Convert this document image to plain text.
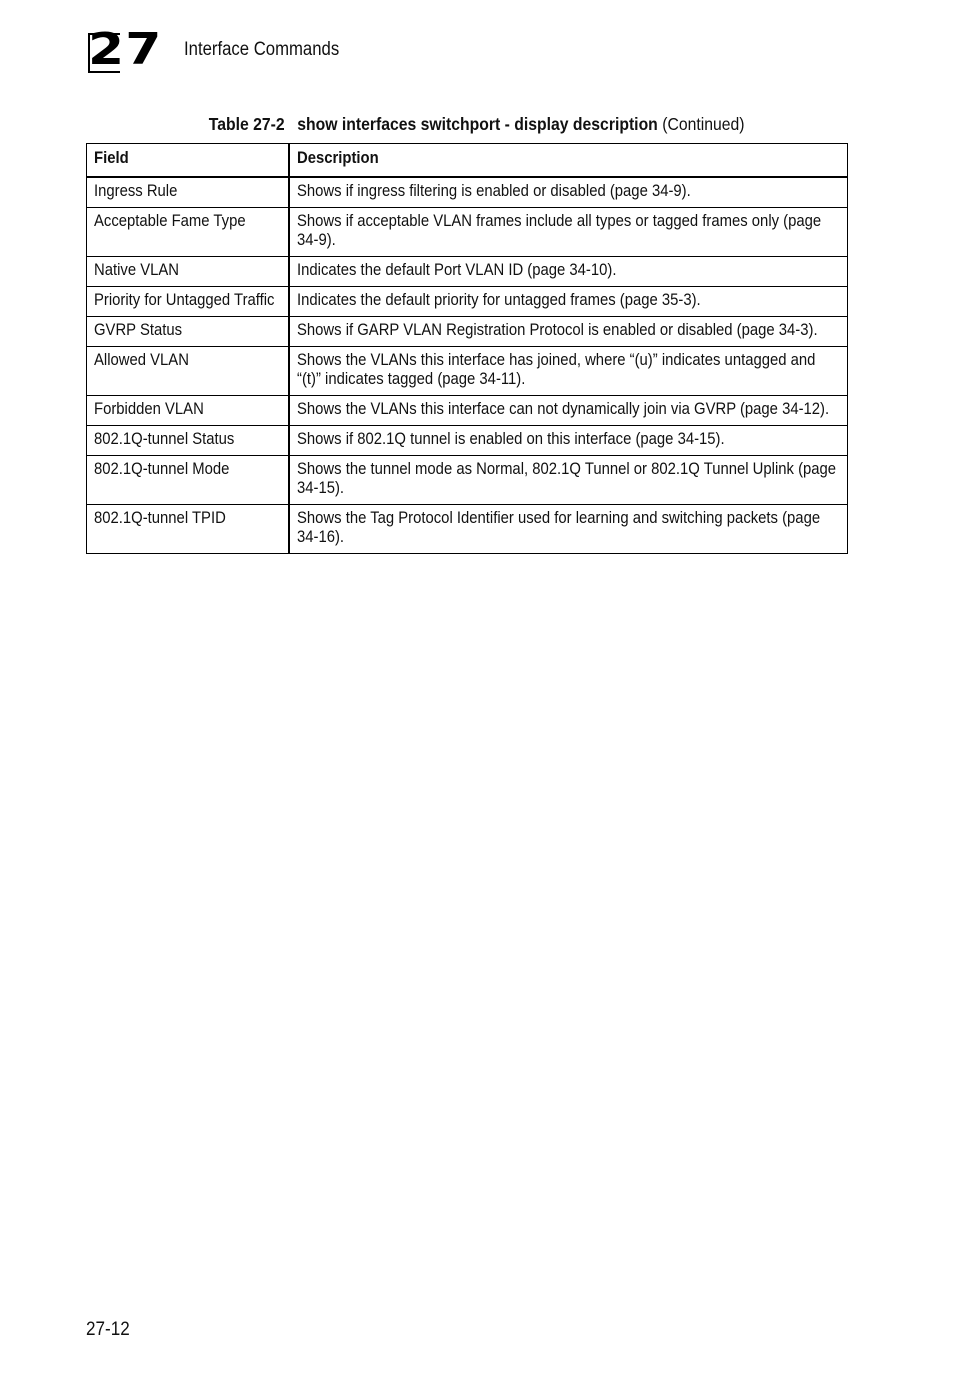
27 Interface Commands
Table 27-2 show interfaces switchport - display description (Continued)
Field	Description

Ingress Rule	Shows if ingress filtering is enabled or disabled (page 34-9).

Acceptable Fame Type	Shows if acceptable VLAN frames include all types or tagged frames only (page 34-9).

Native VLAN	Indicates the default Port VLAN ID (page 34-10).

Priority for Untagged Traffic	Indicates the default priority for untagged frames (page 35-3).

GVRP Status	Shows if GARP VLAN Registration Protocol is enabled or disabled (page 34-3).

Allowed VLAN	Shows the VLANs this interface has joined, where “(u)” indicates untagged and “(t)” indicates tagged (page 34-11).

Forbidden VLAN	Shows the VLANs this interface can not dynamically join via GVRP (page 34-12).

802.1Q-tunnel Status	Shows if 802.1Q tunnel is enabled on this interface (page 34-15).

802.1Q-tunnel Mode	Shows the tunnel mode as Normal, 802.1Q Tunnel or 802.1Q Tunnel Uplink (page 34-15).

802.1Q-tunnel TPID	Shows the Tag Protocol Identifier used for learning and switching packets (page 34-16).
27-12
